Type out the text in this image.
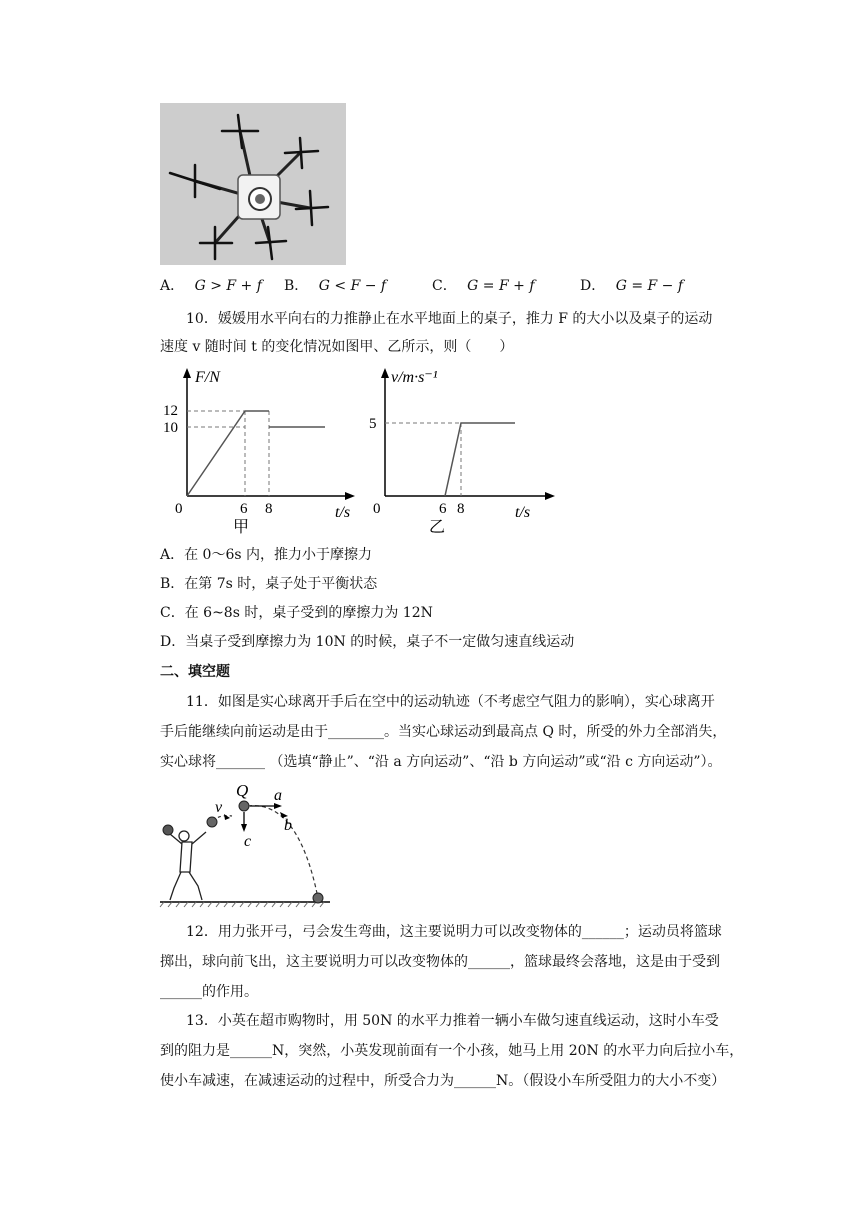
A． G > F + f B． G < F − f	C． G = F + f	D． G = F − f
10．媛媛用水平向右的力推静止在水平地面上的桌子，推力 F 的大小以及桌子的运动
速度 v 随时间 t 的变化情况如图甲、乙所示，则（　　）
F/N
12
10
0	6 8	t/s
甲
v/m·s⁻¹
5
0	6 8	t/s
乙
A．在 0～6s 内，推力小于摩擦力
B．在第 7s 时，桌子处于平衡状态
C．在 6~8s 时，桌子受到的摩擦力为 12N
D．当桌子受到摩擦力为 10N 的时候，桌子不一定做匀速直线运动
二、填空题
11．如图是实心球离开手后在空中的运动轨迹（不考虑空气阻力的影响），实心球离开
手后能继续向前运动是由于________。当实心球运动到最高点 Q 时，所受的外力全部消失，
实心球将_______ （选填“静止”、“沿 a 方向运动”、“沿 b 方向运动”或“沿 c 方向运动”）。
Q
v
a
b
c
12．用力张开弓，弓会发生弯曲，这主要说明力可以改变物体的______；运动员将篮球
掷出，球向前飞出，这主要说明力可以改变物体的______，篮球最终会落地，这是由于受到
______的作用。
13．小英在超市购物时，用 50N 的水平力推着一辆小车做匀速直线运动，这时小车受
到的阻力是______N，突然，小英发现前面有一个小孩，她马上用 20N 的水平力向后拉小车，
使小车减速，在减速运动的过程中，所受合力为______N。（假设小车所受阻力的大小不变）
